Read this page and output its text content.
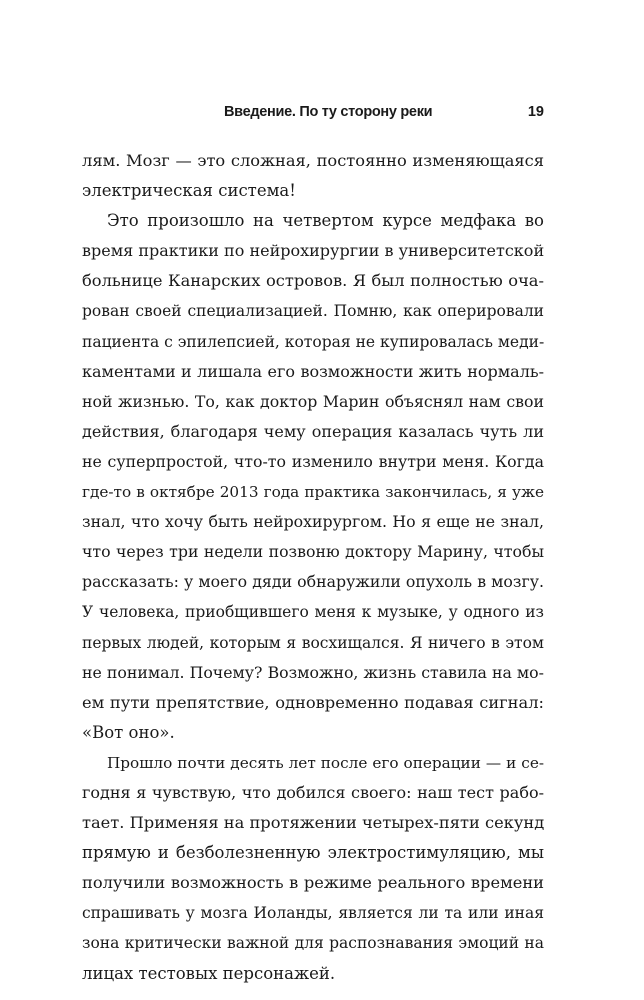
Введение. По ту сторону реки	19
лям. Мозг — это сложная, постоянно изменяющаяся
электрическая система!
Это произошло на четвертом курсе медфака во
время практики по нейрохирургии в университетской
больнице Канарских островов. Я был полностью оча-
рован своей специализацией. Помню, как оперировали
пациента с эпилепсией, которая не купировалась меди-
каментами и лишала его возможности жить нормаль-
ной жизнью. То, как доктор Марин объяснял нам свои
действия, благодаря чему операция казалась чуть ли
не суперпростой, что-то изменило внутри меня. Когда
где-то в октябре 2013 года практика закончилась, я уже
знал, что хочу быть нейрохирургом. Но я еще не знал,
что через три недели позвоню доктору Марину, чтобы
рассказать: у моего дяди обнаружили опухоль в мозгу.
У человека, приобщившего меня к музыке, у одного из
первых людей, которым я восхищался. Я ничего в этом
не понимал. Почему? Возможно, жизнь ставила на мо-
ем пути препятствие, одновременно подавая сигнал:
«Вот оно».
Прошло почти десять лет после его операции — и се-
годня я чувствую, что добился своего: наш тест рабо-
тает. Применяя на протяжении четырех-пяти секунд
прямую и безболезненную электростимуляцию, мы
получили возможность в режиме реального времени
спрашивать у мозга Иоланды, является ли та или иная
зона критически важной для распознавания эмоций на
лицах тестовых персонажей.
